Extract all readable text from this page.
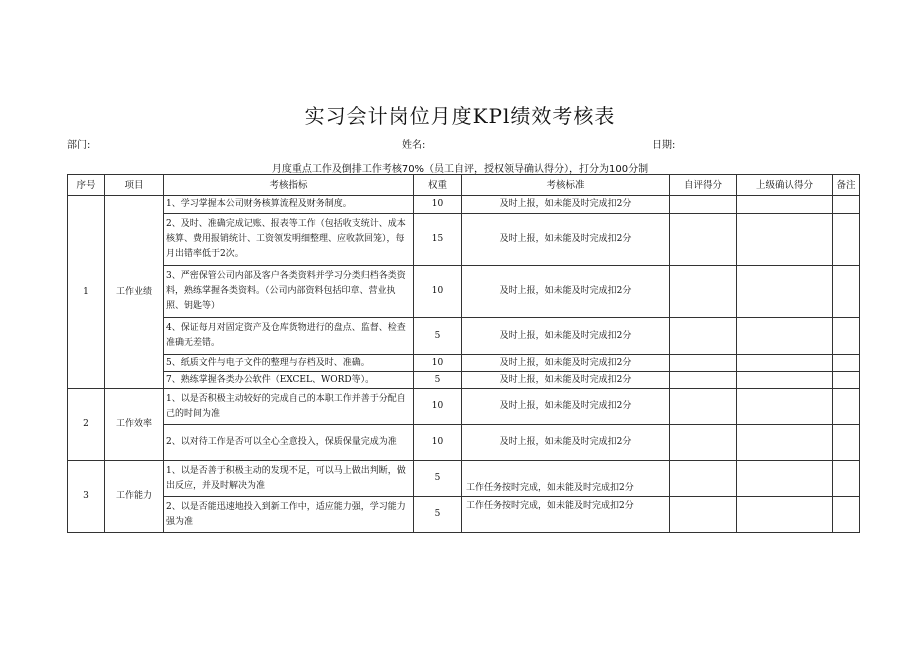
实习会计岗位月度KPl绩效考核表
部门:	姓名:	日期:
月度重点工作及倒排工作考核70%（员工自评，授权领导确认得分），打分为100分制
序号	项目	考核指标	权重	考核标准	自评得分	上级确认得分	备注
1	工作业绩	1、学习掌握本公司财务核算流程及财务制度。	10	及时上报，如未能及时完成扣2分			
		2、及时、准确完成记账、报表等工作（包括收支统计、成本核算、费用报销统计、工资领发明细整理、应收款回笼），每月出错率低于2次。	15	及时上报，如未能及时完成扣2分			
		3、严密保管公司内部及客户各类资料并学习分类归档各类资料，熟练掌握各类资料。（公司内部资料包括印章、营业执照、钥匙等）	10	及时上报，如未能及时完成扣2分			
		4、保证每月对固定资产及仓库货物进行的盘点、监督、检查准确无差错。	5	及时上报，如未能及时完成扣2分			
		5、纸质文件与电子文件的整理与存档及时、准确。	10	及时上报，如未能及时完成扣2分			
		7、熟练掌握各类办公软件（EXCEL、WORD等）。	5	及时上报，如未能及时完成扣2分			
2	工作效率	1、以是否积极主动较好的完成自己的本职工作并善于分配自己的时间为准	10	及时上报，如未能及时完成扣2分			
		2、以对待工作是否可以全心全意投入，保质保量完成为准	10	及时上报，如未能及时完成扣2分			
3	工作能力	1、以是否善于积极主动的发现不足，可以马上做出判断，做出反应，并及时解决为准	5	工作任务按时完成，如未能及时完成扣2分			
		2、以是否能迅速地投入到新工作中，适应能力强，学习能力强为准	5	工作任务按时完成，如未能及时完成扣2分			
